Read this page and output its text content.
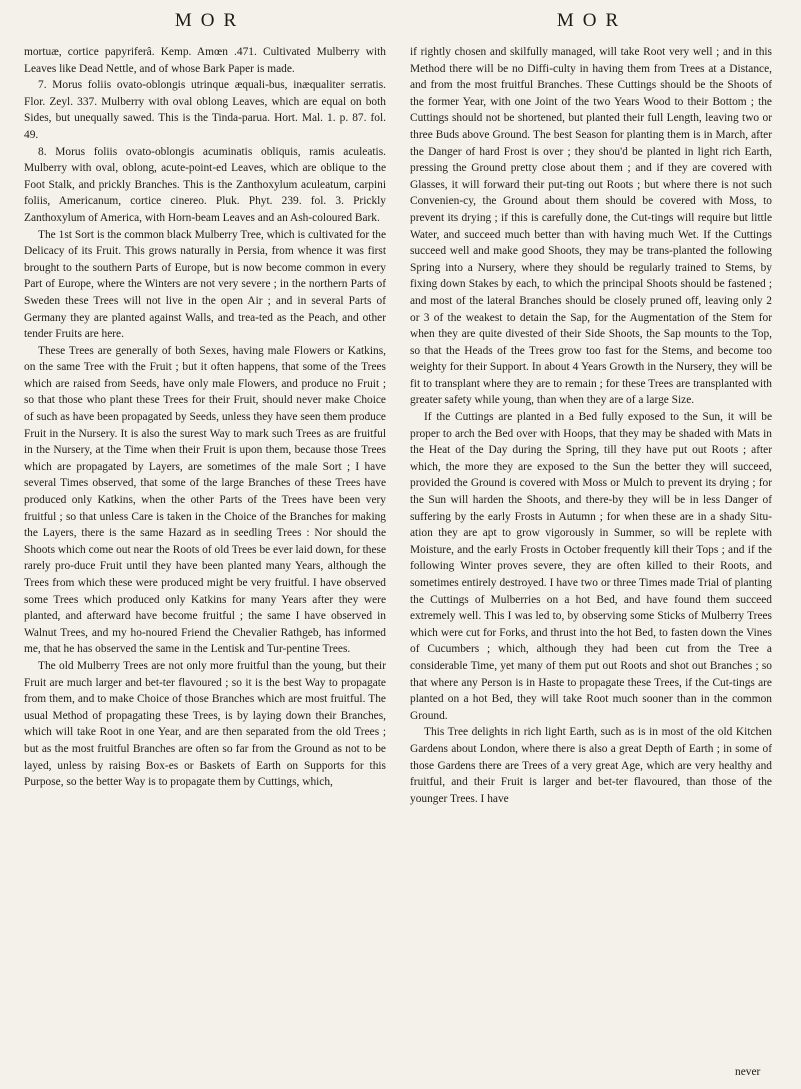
MOR	MOR

mortuæ, cortice papyriferâ. Kemp. Amœn .471. Cultivated Mulberry with Leaves like Dead Nettle, and of whose Bark Paper is made.

7. Morus foliis ovato-oblongis utrinque æquali-bus, inæqualiter serratis. Flor. Zeyl. 337. Mulberry with oval oblong Leaves, which are equal on both Sides, but unequally sawed. This is the Tinda-parua. Hort. Mal. 1. p. 87. fol. 49.

8. Morus foliis ovato-oblongis acuminatis obliquis, ramis aculeatis. Mulberry with oval, oblong, acute-point-ed Leaves, which are oblique to the Foot Stalk, and prickly Branches. This is the Zanthoxylum aculeatum, carpini foliis, Americanum, cortice cinereo. Pluk. Phyt. 239. fol. 3. Prickly Zanthoxylum of America, with Horn-beam Leaves and an Ash-coloured Bark.

The 1st Sort is the common black Mulberry Tree, which is cultivated for the Delicacy of its Fruit. This grows naturally in Persia, from whence it was first brought to the southern Parts of Europe, but is now become common in every Part of Europe, where the Winters are not very severe ; in the northern Parts of Sweden these Trees will not live in the open Air ; and in several Parts of Germany they are planted against Walls, and trea-ted as the Peach, and other tender Fruits are here.

These Trees are generally of both Sexes, having male Flowers or Katkins, on the same Tree with the Fruit ; but it often happens, that some of the Trees which are raised from Seeds, have only male Flowers, and produce no Fruit ; so that those who plant these Trees for their Fruit, should never make Choice of such as have been propagated by Seeds, unless they have seen them produce Fruit in the Nursery. It is also the surest Way to mark such Trees as are fruitful in the Nursery, at the Time when their Fruit is upon them, because those Trees which are propagated by Layers, are sometimes of the male Sort ; I have several Times observed, that some of the large Branches of these Trees have produced only Katkins, when the other Parts of the Trees have been very fruitful ; so that unless Care is taken in the Choice of the Branches for making the Layers, there is the same Hazard as in seedling Trees : Nor should the Shoots which come out near the Roots of old Trees be ever laid down, for these rarely pro-duce Fruit until they have been planted many Years, although the Trees from which these were produced might be very fruitful. I have observed some Trees which produced only Katkins for many Years after they were planted, and afterward have become fruitful ; the same I have observed in Walnut Trees, and my ho-noured Friend the Chevalier Rathgeb, has informed me, that he has observed the same in the Lentisk and Tur-pentine Trees.

The old Mulberry Trees are not only more fruitful than the young, but their Fruit are much larger and bet-ter flavoured ; so it is the best Way to propagate from them, and to make Choice of those Branches which are most fruitful. The usual Method of propagating these Trees, is by laying down their Branches, which will take Root in one Year, and are then separated from the old Trees ; but as the most fruitful Branches are often so far from the Ground as not to be layed, unless by raising Box-es or Baskets of Earth on Supports for this Purpose, so the better Way is to propagate them by Cuttings, which,

if rightly chosen and skilfully managed, will take Root very well ; and in this Method there will be no Diffi-culty in having them from Trees at a Distance, and from the most fruitful Branches. These Cuttings should be the Shoots of the former Year, with one Joint of the two Years Wood to their Bottom ; the Cuttings should not be shortened, but planted their full Length, leaving two or three Buds above Ground. The best Season for planting them is in March, after the Danger of hard Frost is over ; they shou'd be planted in light rich Earth, pressing the Ground pretty close about them ; and if they are covered with Glasses, it will forward their put-ting out Roots ; but where there is not such Convenien-cy, the Ground about them should be covered with Moss, to prevent its drying ; if this is carefully done, the Cut-tings will require but little Water, and succeed much better than with having much Wet. If the Cuttings succeed well and make good Shoots, they may be trans-planted the following Spring into a Nursery, where they should be regularly trained to Stems, by fixing down Stakes by each, to which the principal Shoots should be fastened ; and most of the lateral Branches should be closely pruned off, leaving only 2 or 3 of the weakest to detain the Sap, for the Augmentation of the Stem for when they are quite divested of their Side Shoots, the Sap mounts to the Top, so that the Heads of the Trees grow too fast for the Stems, and become too weighty for their Support. In about 4 Years Growth in the Nursery, they will be fit to transplant where they are to remain ; for these Trees are transplanted with greater safety while young, than when they are of a large Size.

If the Cuttings are planted in a Bed fully exposed to the Sun, it will be proper to arch the Bed over with Hoops, that they may be shaded with Mats in the Heat of the Day during the Spring, till they have put out Roots ; after which, the more they are exposed to the Sun the better they will succeed, provided the Ground is covered with Moss or Mulch to prevent its drying ; for the Sun will harden the Shoots, and there-by they will be in less Danger of suffering by the early Frosts in Autumn ; for when these are in a shady Situ-ation they are apt to grow vigorously in Summer, so will be replete with Moisture, and the early Frosts in October frequently kill their Tops ; and if the following Winter proves severe, they are often killed to their Roots, and sometimes entirely destroyed. I have two or three Times made Trial of planting the Cuttings of Mulberries on a hot Bed, and have found them succeed extremely well. This I was led to, by observing some Sticks of Mulberry Trees which were cut for Forks, and thrust into the hot Bed, to fasten down the Vines of Cucumbers ; which, although they had been cut from the Tree a considerable Time, yet many of them put out Roots and shot out Branches ; so that where any Person is in Haste to propagate these Trees, if the Cut-tings are planted on a hot Bed, they will take Root much sooner than in the common Ground.

This Tree delights in rich light Earth, such as is in most of the old Kitchen Gardens about London, where there is also a great Depth of Earth ; in some of those Gardens there are Trees of a very great Age, which are very healthy and fruitful, and their Fruit is larger and bet-ter flavoured, than those of the younger Trees. I have

never
